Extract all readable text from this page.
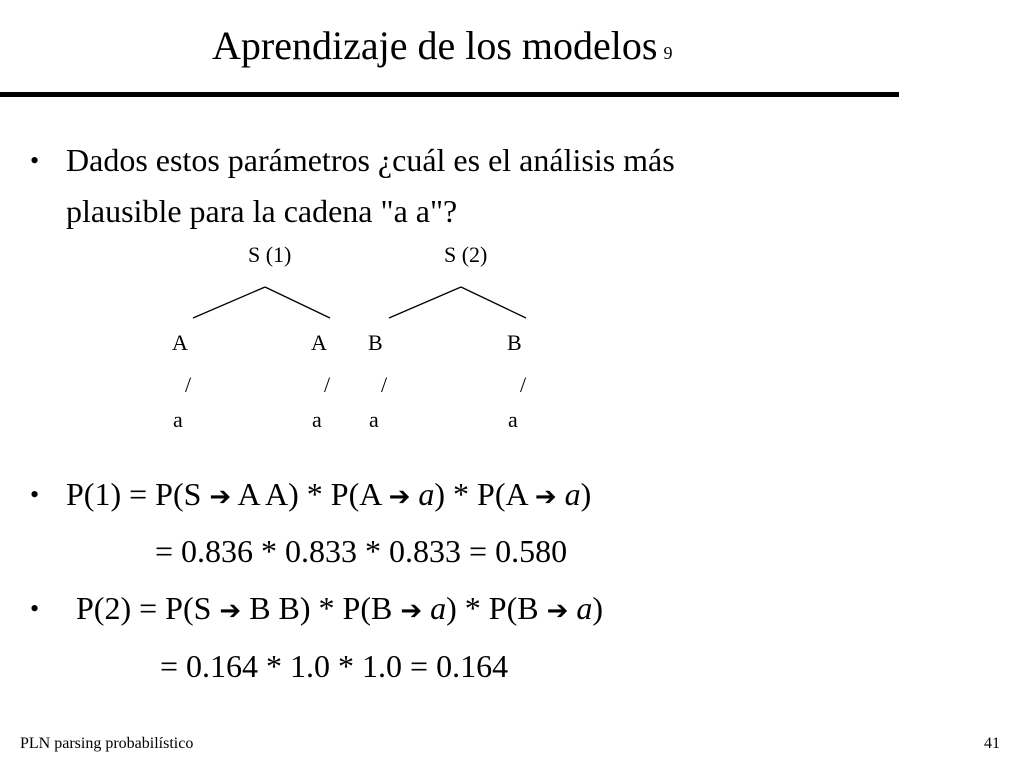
Aprendizaje de los modelos 9
• Dados estos parámetros ¿cuál es el análisis más
plausible para la cadena "a a"?
S (1)
A	A
/	/
a	a
S (2)
B	B
/	/
a	a
• P(1) = P(S ➔ A A) * P(A ➔ a) * P(A ➔ a)
= 0.836 * 0.833 * 0.833 = 0.580
• P(2) = P(S ➔ B B) * P(B ➔ a) * P(B ➔ a)
= 0.164 * 1.0 * 1.0 = 0.164
PLN parsing probabilístico	41
